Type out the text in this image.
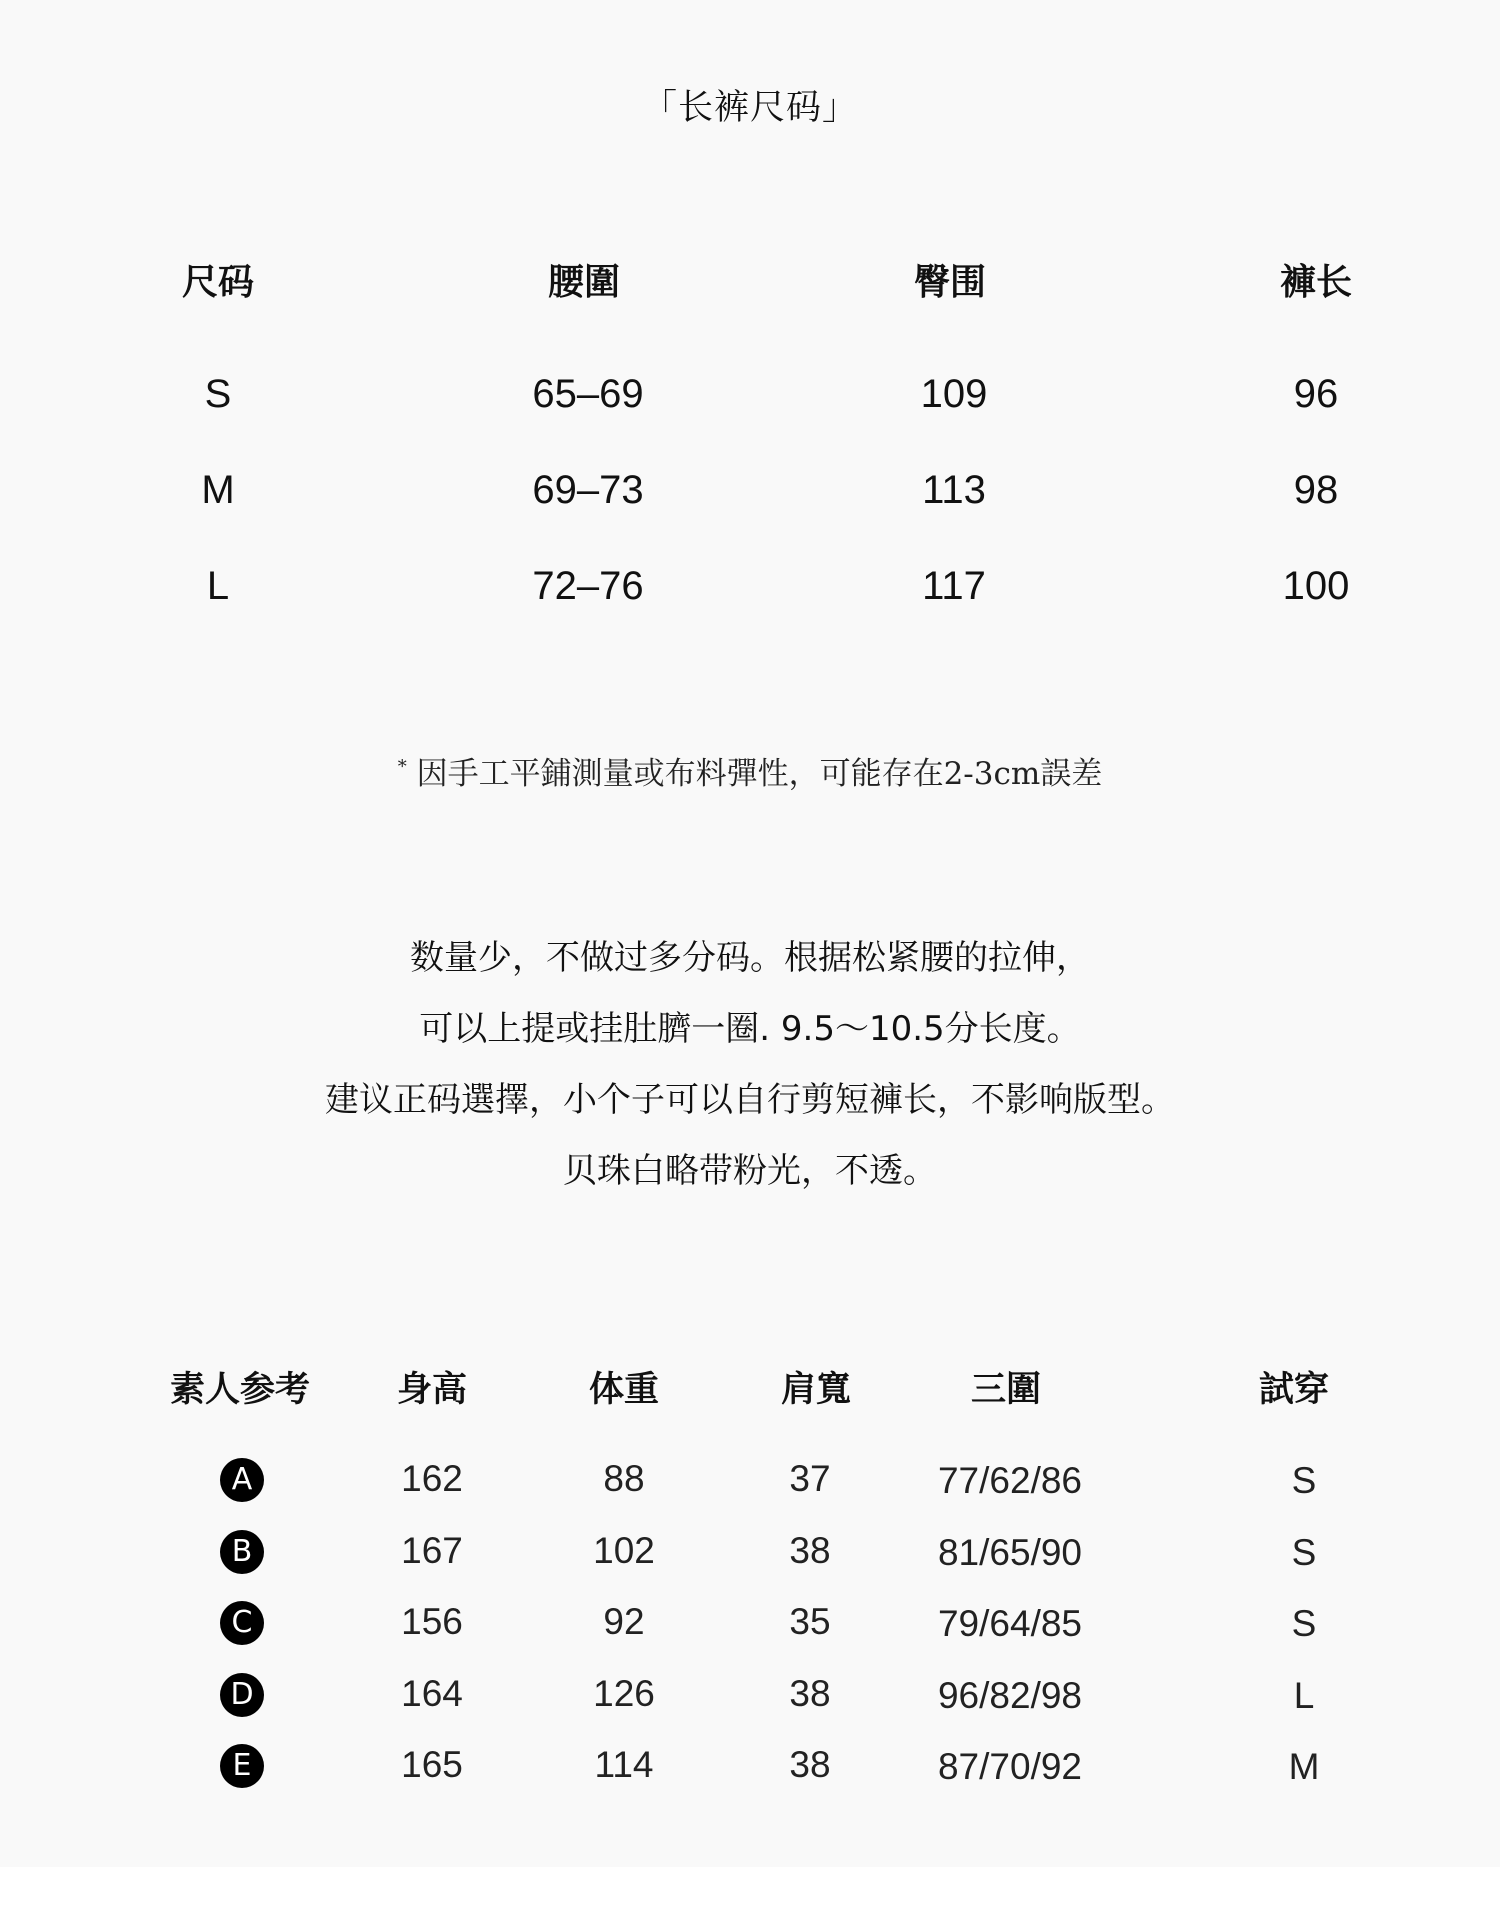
「长裤尺码」
尺码	腰圍	臀围	褲长
S	65–69	109	96
M	69–73	113	98
L	72–76	117	100
* 因手工平鋪測量或布料彈性，可能存在2-3cm誤差
数量少，不做过多分码。根据松紧腰的拉伸，
可以上提或挂肚臍一圈. 9.5～10.5分长度。
建议正码選擇，小个子可以自行剪短褲长，不影响版型。
贝珠白略带粉光，不透。
素人参考 身高	体重	肩寬	三圍	試穿
A	162	88	37	77/62/86	S
B	167	102	38	81/65/90	S
C	156	92	35	79/64/85	S
D	164	126	38	96/82/98	L
E	165	114	38	87/70/92	M
